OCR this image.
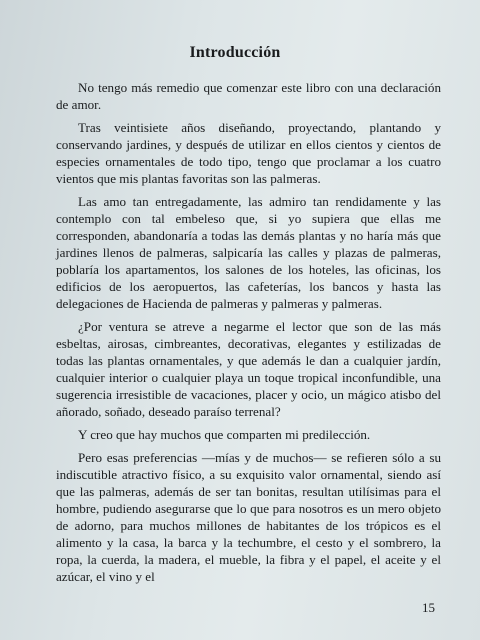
Introducción

No tengo más remedio que comenzar este libro con una declaración de amor.

Tras veintisiete años diseñando, proyectando, plantando y conservando jardines, y después de utilizar en ellos cientos y cientos de especies ornamentales de todo tipo, tengo que proclamar a los cuatro vientos que mis plantas favoritas son las palmeras.

Las amo tan entregadamente, las admiro tan rendidamente y las contemplo con tal embeleso que, si yo supiera que ellas me corresponden, abandonaría a todas las demás plantas y no haría más que jardines llenos de palmeras, salpicaría las calles y plazas de palmeras, poblaría los apartamentos, los salones de los hoteles, las oficinas, los edificios de los aeropuertos, las cafeterías, los bancos y hasta las delegaciones de Hacienda de palmeras y palmeras y palmeras.

¿Por ventura se atreve a negarme el lector que son de las más esbeltas, airosas, cimbreantes, decorativas, elegantes y estilizadas de todas las plantas ornamentales, y que además le dan a cualquier jardín, cualquier interior o cualquier playa un toque tropical inconfundible, una sugerencia irresistible de vacaciones, placer y ocio, un mágico atisbo del añorado, soñado, deseado paraíso terrenal?

Y creo que hay muchos que comparten mi predilección.

Pero esas preferencias —mías y de muchos— se refieren sólo a su indiscutible atractivo físico, a su exquisito valor ornamental, siendo así que las palmeras, además de ser tan bonitas, resultan utilísimas para el hombre, pudiendo asegurarse que lo que para nosotros es un mero objeto de adorno, para muchos millones de habitantes de los trópicos es el alimento y la casa, la barca y la techumbre, el cesto y el sombrero, la ropa, la cuerda, la madera, el mueble, la fibra y el papel, el aceite y el azúcar, el vino y el

15
